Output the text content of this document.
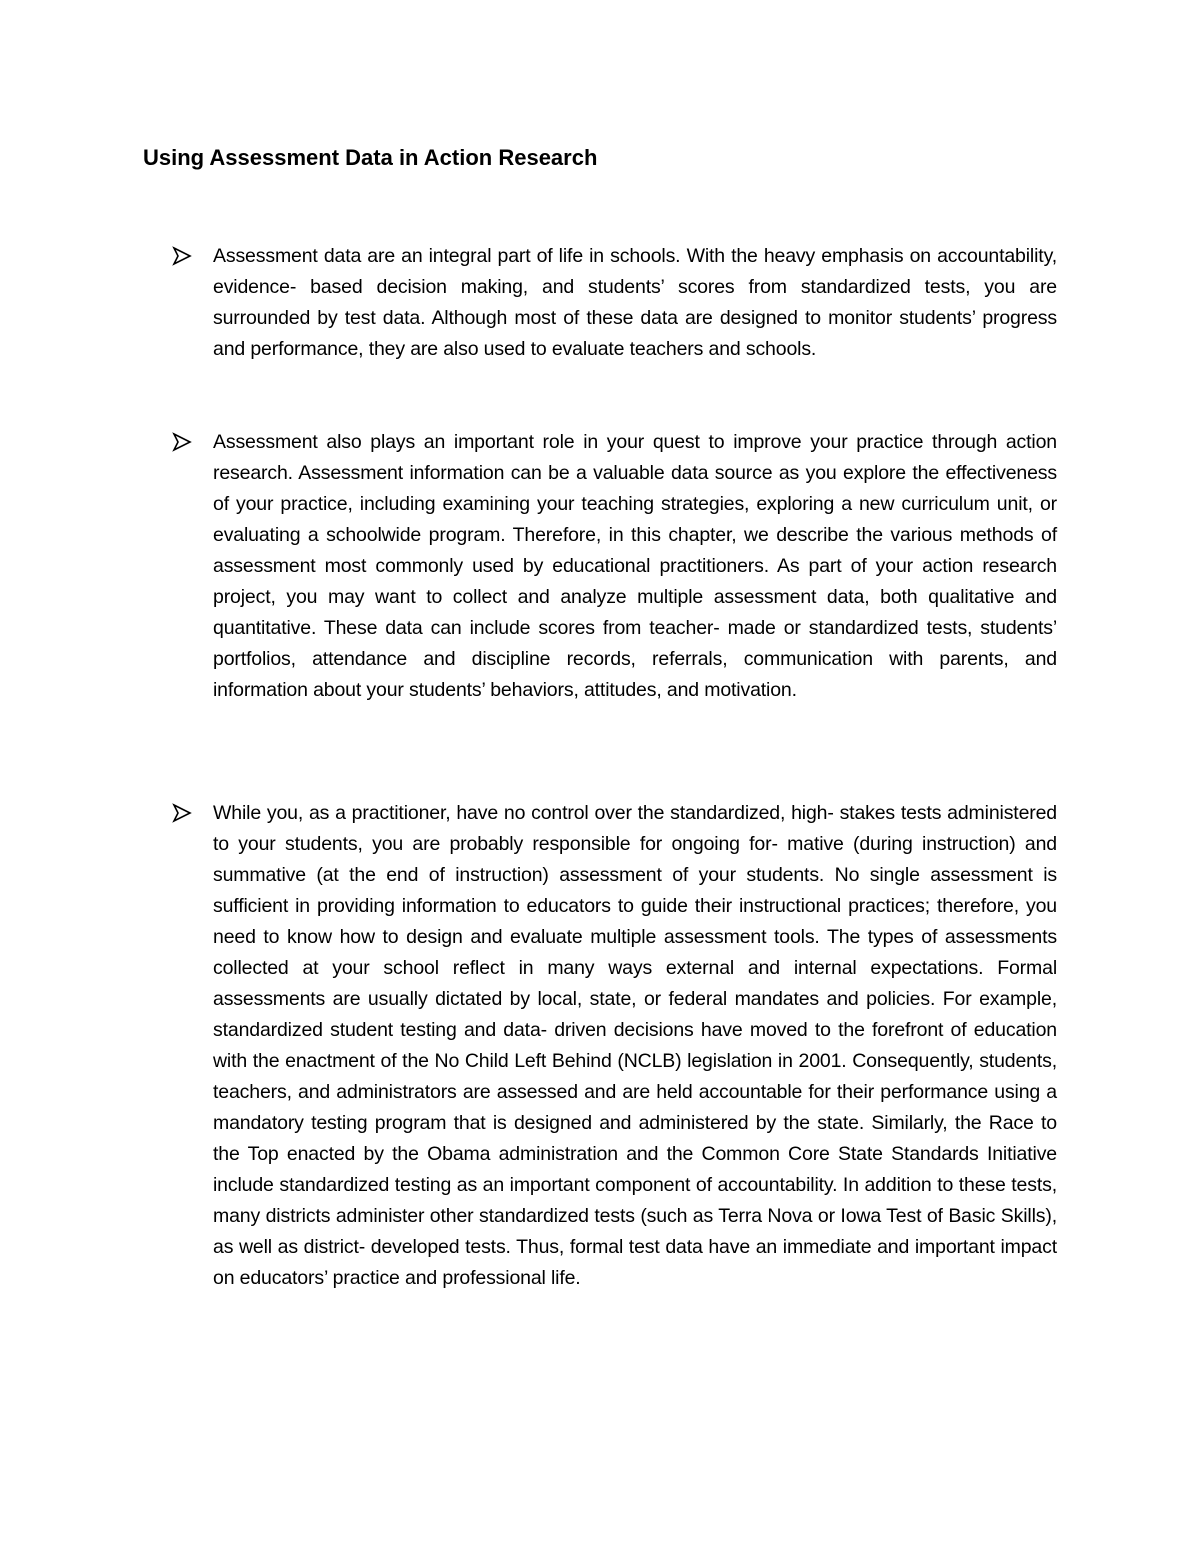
Using Assessment Data in Action Research

Assessment data are an integral part of life in schools. With the heavy emphasis on accountability, evidence- based decision making, and students’ scores from standardized tests, you are surrounded by test data. Although most of these data are designed to monitor students’ progress and performance, they are also used to evaluate teachers and schools.

Assessment also plays an important role in your quest to improve your practice through action research. Assessment information can be a valuable data source as you explore the effectiveness of your practice, including examining your teaching strategies, exploring a new curriculum unit, or evaluating a schoolwide program. Therefore, in this chapter, we describe the various methods of assessment most commonly used by educational practitioners. As part of your action research project, you may want to collect and analyze multiple assessment data, both qualitative and quantitative. These data can include scores from teacher- made or standardized tests, students’ portfolios, attendance and discipline records, referrals, communication with parents, and information about your students’ behaviors, attitudes, and motivation.

While you, as a practitioner, have no control over the standardized, high- stakes tests administered to your students, you are probably responsible for ongoing for- mative (during instruction) and summative (at the end of instruction) assessment of your students. No single assessment is sufficient in providing information to educators to guide their instructional practices; therefore, you need to know how to design and evaluate multiple assessment tools. The types of assessments collected at your school reflect in many ways external and internal expectations. Formal assessments are usually dictated by local, state, or federal mandates and policies. For example, standardized student testing and data- driven decisions have moved to the forefront of education with the enactment of the No Child Left Behind (NCLB) legislation in 2001. Consequently, students, teachers, and administrators are assessed and are held accountable for their performance using a mandatory testing program that is designed and administered by the state. Similarly, the Race to the Top enacted by the Obama administration and the Common Core State Standards Initiative include standardized testing as an important component of accountability. In addition to these tests, many districts administer other standardized tests (such as Terra Nova or Iowa Test of Basic Skills), as well as district- developed tests. Thus, formal test data have an immediate and important impact on educators’ practice and professional life.
